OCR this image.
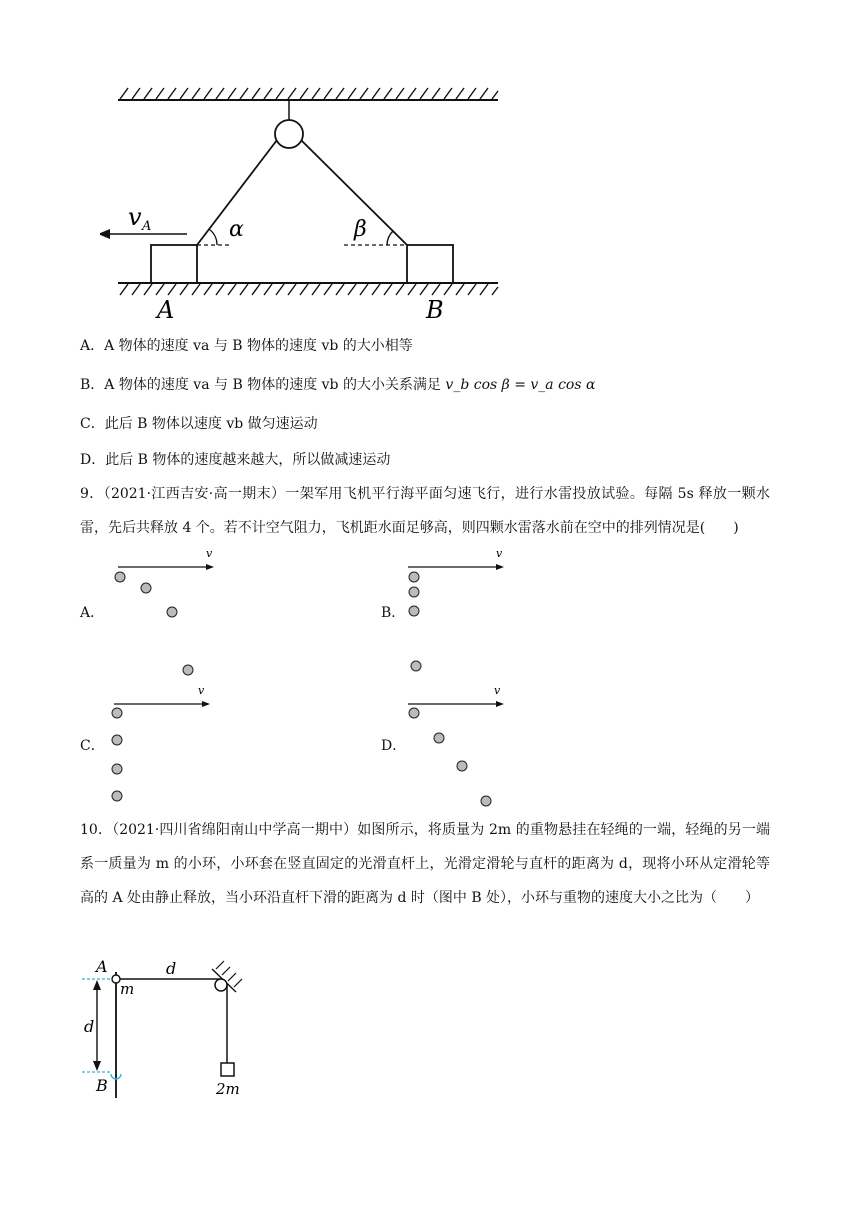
v A	α	β
A	B
A．A 物体的速度 va 与 B 物体的速度 vb 的大小相等
B．A 物体的速度 va 与 B 物体的速度 vb 的大小关系满足 v_b cos β = v_a cos α
C．此后 B 物体以速度 vb 做匀速运动
D．此后 B 物体的速度越来越大，所以做减速运动
9．（2021·江西吉安·高一期末）一架军用飞机平行海平面匀速飞行，进行水雷投放试验。每隔 5s 释放一颗水雷，先后共释放 4 个。若不计空气阻力，飞机距水面足够高，则四颗水雷落水前在空中的排列情况是(　　)
A．
v
B．
v
C．
v
D．
v
10．（2021·四川省绵阳南山中学高一期中）如图所示，将质量为 2m 的重物悬挂在轻绳的一端，轻绳的另一端系一质量为 m 的小环，小环套在竖直固定的光滑直杆上，光滑定滑轮与直杆的距离为 d，现将小环从定滑轮等高的 A 处由静止释放，当小环沿直杆下滑的距离为 d 时（图中 B 处），小环与重物的速度大小之比为（　　）
A
m
d
d
B	2m
